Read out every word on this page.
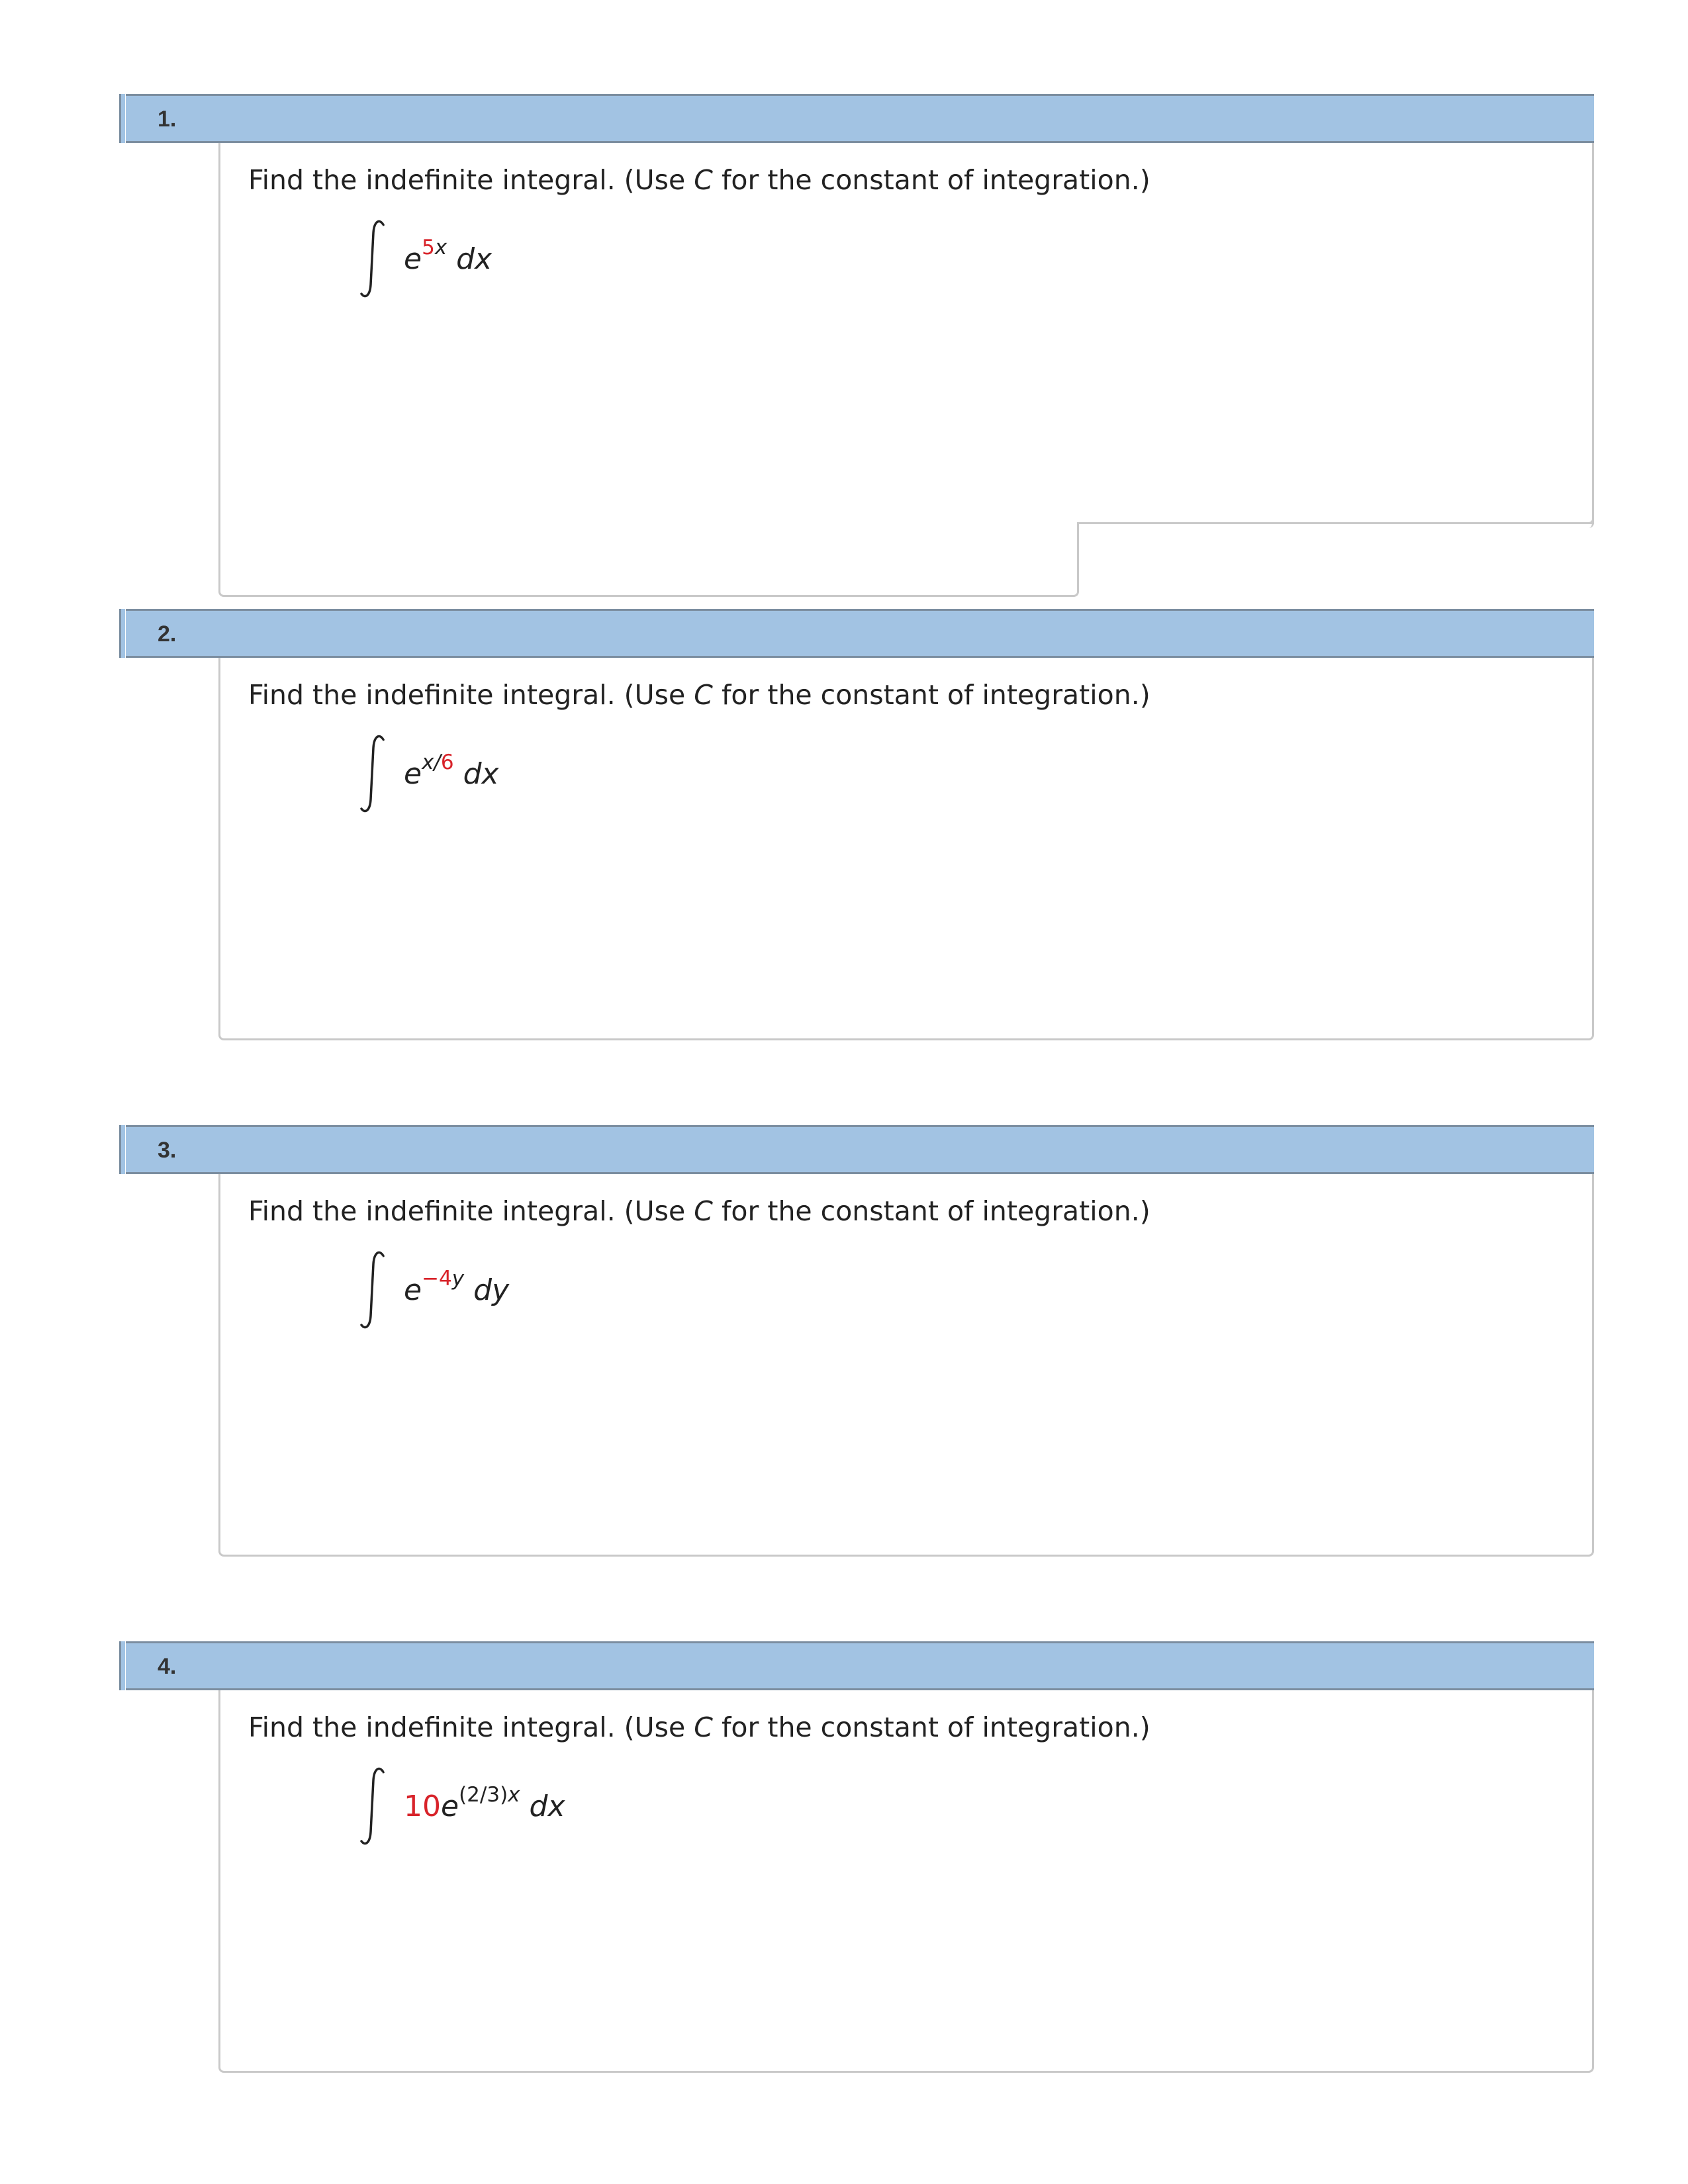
1.
Find the indefinite integral. (Use C for the constant of integration.)
$e^{5x}$ dx
2.
Find the indefinite integral. (Use C for the constant of integration.)
$e^{x/6}$ dx
3.
Find the indefinite integral. (Use C for the constant of integration.)
$e^{-4y}$ dy
4.
Find the indefinite integral. (Use C for the constant of integration.)
$10e^{(2/3)x}$ dx
